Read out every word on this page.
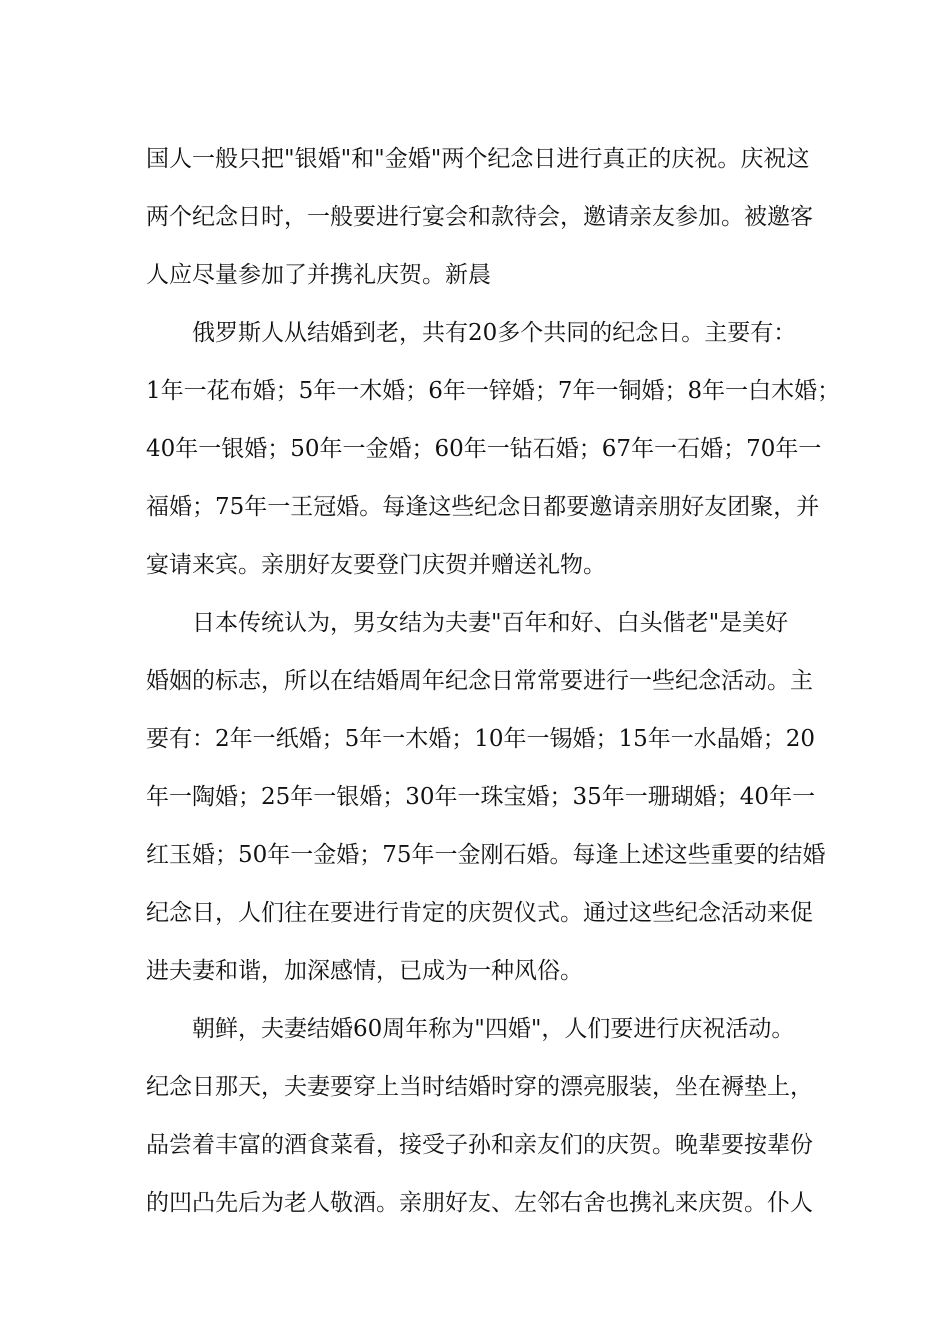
国人一般只把"银婚"和"金婚"两个纪念日进行真正的庆祝。庆祝这
两个纪念日时，一般要进行宴会和款待会，邀请亲友参加。被邀客
人应尽量参加了并携礼庆贺。新晨
俄罗斯人从结婚到老，共有20多个共同的纪念日。主要有：
1年一花布婚；5年一木婚；6年一锌婚；7年一铜婚；8年一白木婚；
40年一银婚；50年一金婚；60年一钻石婚；67年一石婚；70年一
福婚；75年一王冠婚。每逢这些纪念日都要邀请亲朋好友团聚，并
宴请来宾。亲朋好友要登门庆贺并赠送礼物。
日本传统认为，男女结为夫妻"百年和好、白头偕老"是美好
婚姻的标志，所以在结婚周年纪念日常常要进行一些纪念活动。主
要有：2年一纸婚；5年一木婚；10年一锡婚；15年一水晶婚；20
年一陶婚；25年一银婚；30年一珠宝婚；35年一珊瑚婚；40年一
红玉婚；50年一金婚；75年一金刚石婚。每逢上述这些重要的结婚
纪念日，人们往在要进行肯定的庆贺仪式。通过这些纪念活动来促
进夫妻和谐，加深感情，已成为一种风俗。
朝鲜，夫妻结婚60周年称为"四婚"，人们要进行庆祝活动。
纪念日那天，夫妻要穿上当时结婚时穿的漂亮服装，坐在褥垫上，
品尝着丰富的酒食菜看，接受子孙和亲友们的庆贺。晚辈要按辈份
的凹凸先后为老人敬酒。亲朋好友、左邻右舍也携礼来庆贺。仆人
